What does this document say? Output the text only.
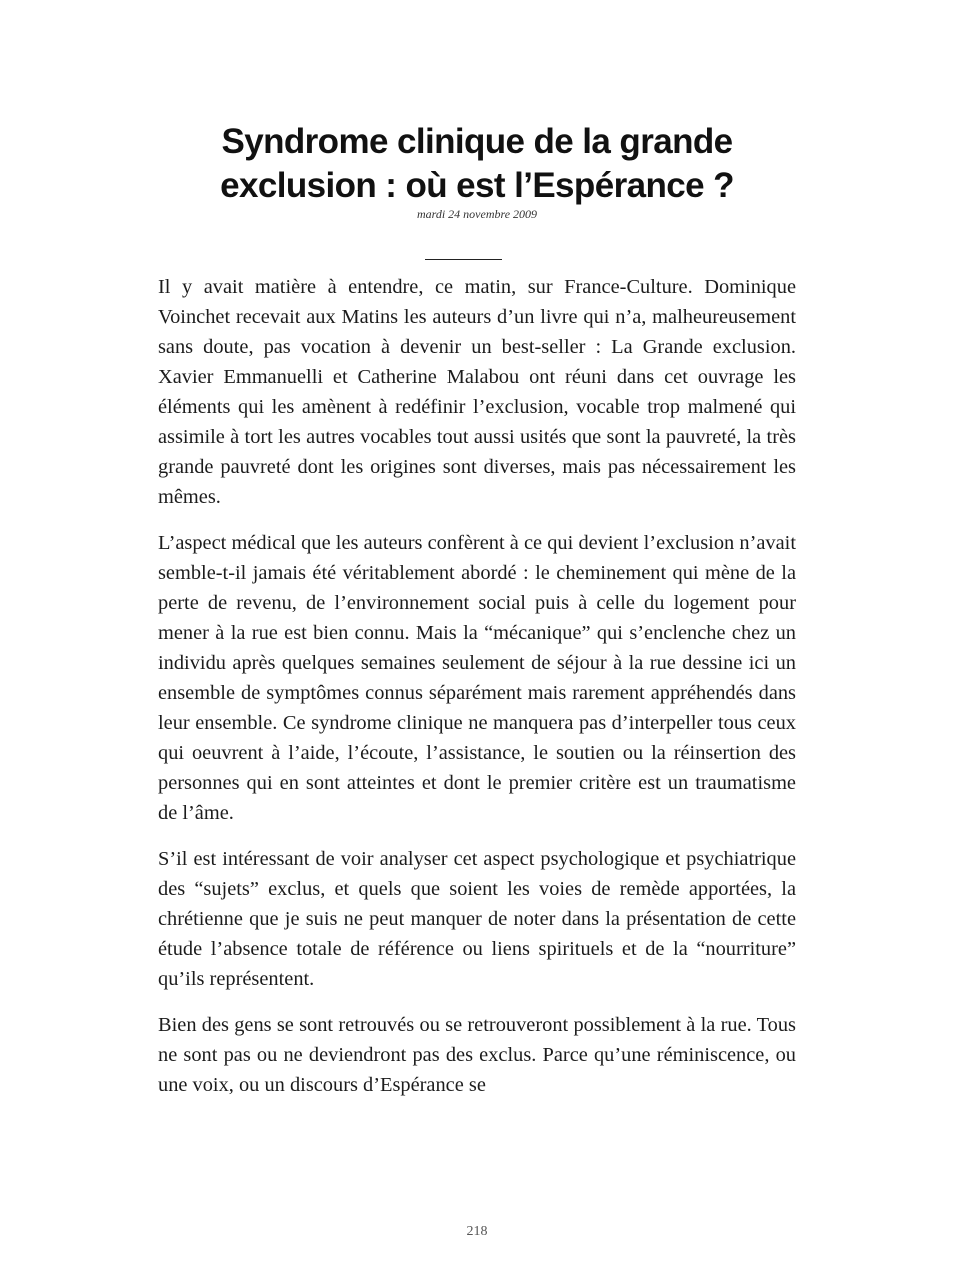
Syndrome clinique de la grande
exclusion : où est l’Espérance ?
mardi 24 novembre 2009

Il y avait matière à entendre, ce matin, sur France-Culture. Dominique Voinchet recevait aux Matins les auteurs d’un livre qui n’a, malheureusement sans doute, pas vocation à devenir un best-seller : La Grande exclusion. Xavier Emmanuelli et Catherine Malabou ont réuni dans cet ouvrage les éléments qui les amènent à redéfinir l’exclusion, vocable trop malmené qui assimile à tort les autres vocables tout aussi usités que sont la pauvreté, la très grande pauvreté dont les origines sont diverses, mais pas nécessairement les mêmes.

L’aspect médical que les auteurs confèrent à ce qui devient l’exclusion n’avait semble-t-il jamais été véritablement abordé : le cheminement qui mène de la perte de revenu, de l’environnement social puis à celle du logement pour mener à la rue est bien connu. Mais la “mécanique” qui s’enclenche chez un individu après quelques semaines seulement de séjour à la rue dessine ici un ensemble de symptômes connus séparément mais rarement appréhendés dans leur ensemble. Ce syndrome clinique ne manquera pas d’interpeller tous ceux qui oeuvrent à l’aide, l’écoute, l’assistance, le soutien ou la réinsertion des personnes qui en sont atteintes et dont le premier critère est un traumatisme de l’âme.

S’il est intéressant de voir analyser cet aspect psychologique et psychiatrique des “sujets” exclus, et quels que soient les voies de remède apportées, la chrétienne que je suis ne peut manquer de noter dans la présentation de cette étude l’absence totale de référence ou liens spirituels et de la “nourriture” qu’ils représentent.

Bien des gens se sont retrouvés ou se retrouveront possiblement à la rue. Tous ne sont pas ou ne deviendront pas des exclus. Parce qu’une réminiscence, ou une voix, ou un discours d’Espérance se

218
